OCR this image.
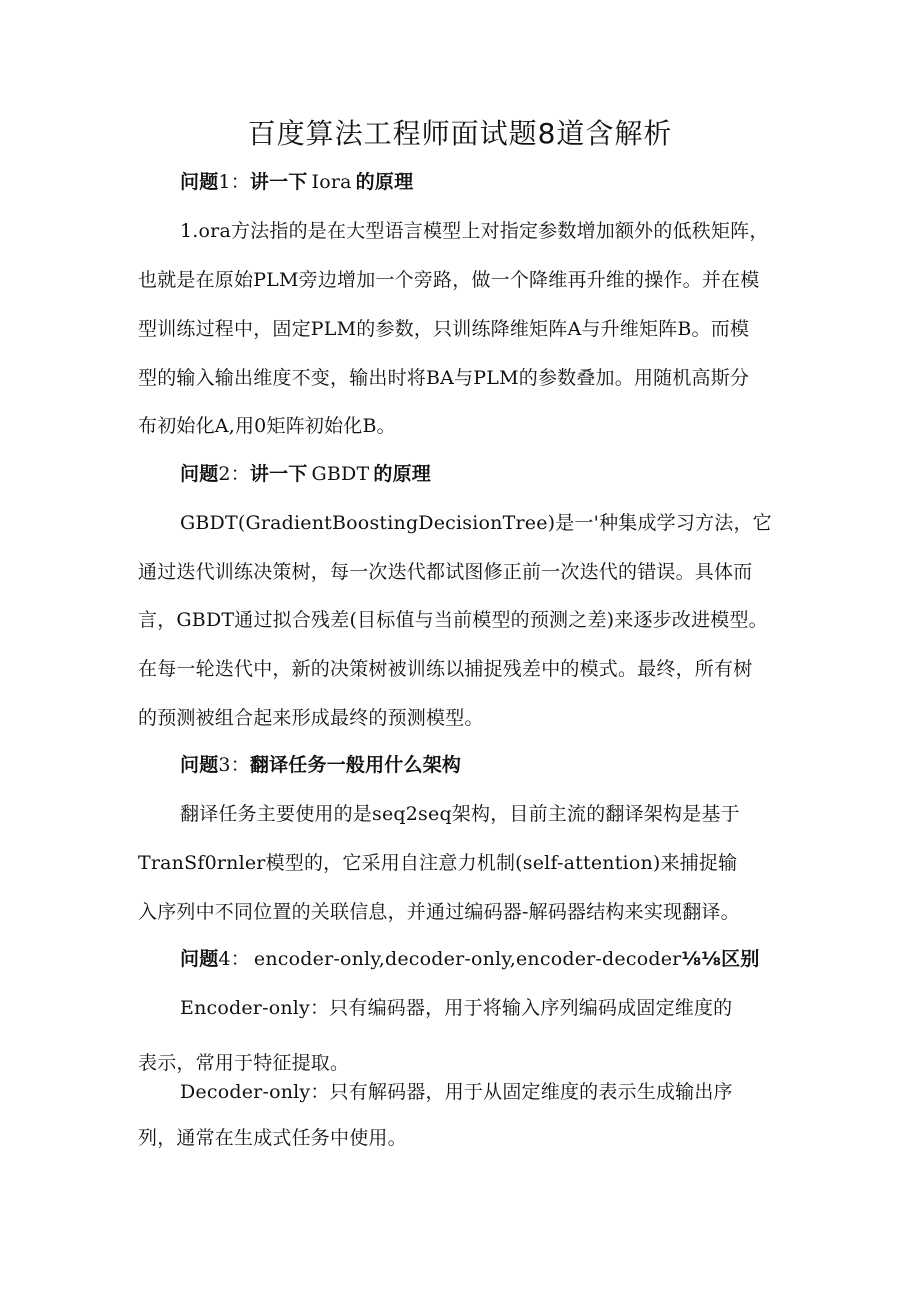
百度算法工程师面试题8道含解析
问题1：讲一下 Iora 的原理
1.ora方法指的是在大型语言模型上对指定参数增加额外的低秩矩阵，
也就是在原始PLM旁边增加一个旁路，做一个降维再升维的操作。并在模
型训练过程中，固定PLM的参数，只训练降维矩阵A与升维矩阵B。而模
型的输入输出维度不变，输出时将BA与PLM的参数叠加。用随机高斯分
布初始化A,用0矩阵初始化B。
问题2：讲一下 GBDT 的原理
GBDT(GradientBoostingDecisionTree)是一'种集成学习方法，它
通过迭代训练决策树，每一次迭代都试图修正前一次迭代的错误。具体而
言，GBDT通过拟合残差(目标值与当前模型的预测之差)来逐步改进模型。
在每一轮迭代中，新的决策树被训练以捕捉残差中的模式。最终，所有树
的预测被组合起来形成最终的预测模型。
问题3：翻译任务一般用什么架构
翻译任务主要使用的是seq2seq架构，目前主流的翻译架构是基于
TranSf0rnler模型的，它采用自注意力机制(self-attention)来捕捉输
入序列中不同位置的关联信息，并通过编码器-解码器结构来实现翻译。
问题4： encoder-only,decoder-only,encoder-decoder⅛⅛区别
Encoder-only：只有编码器，用于将输入序列编码成固定维度的
表示，常用于特征提取。
Decoder-only：只有解码器，用于从固定维度的表示生成输出序
列，通常在生成式任务中使用。
